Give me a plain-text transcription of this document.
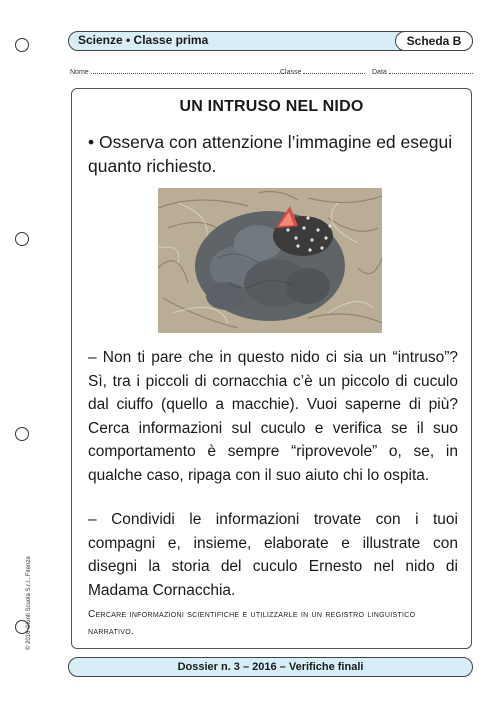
Scienze • Classe prima	Scheda B
Nome	Classe	Data
UN INTRUSO NEL NIDO
• Osserva con attenzione l’immagine ed esegui quanto richiesto.
– Non ti pare che in questo nido ci sia un “intruso”? Sì, tra i piccoli di cornacchia c’è un piccolo di cuculo dal ciuffo (quello a macchie). Vuoi saperne di più? Cerca informazioni sul cuculo e verifica se il suo comportamento è sempre “riprovevole” o, se, in qualche caso, ripaga con il suo aiuto chi lo ospita.
– Condividi le informazioni trovate con i tuoi compagni e, insieme, elaborate e illustrate con disegni la storia del cuculo Ernesto nel nido di Madama Cornacchia.
Cercare informazioni scientifiche e utilizzarle in un registro linguistico narrativo.
© 2016 Giunti Scuola S.r.l., Firenze
Dossier n. 3 – 2016 – Verifiche finali
